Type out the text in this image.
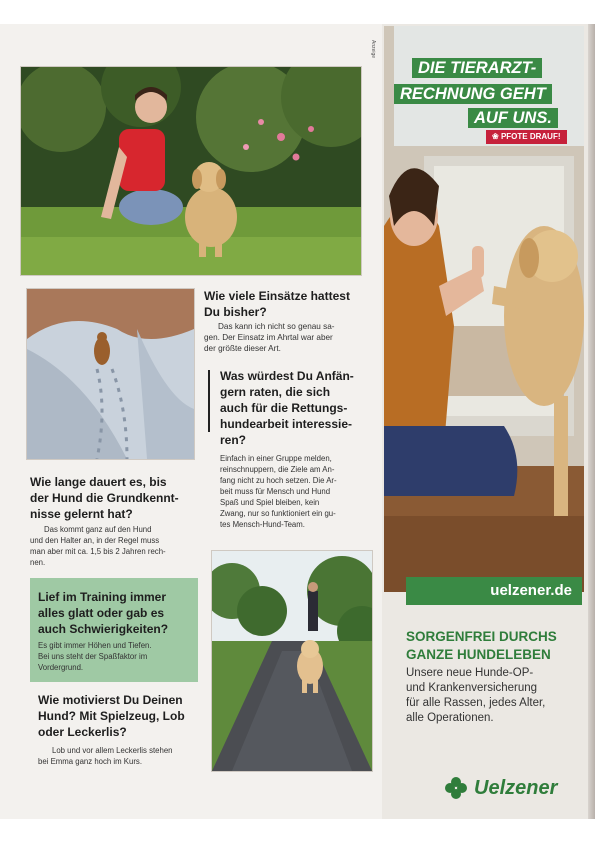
Anzeige
Wie viele Einsätze hattest
Du bisher?
Das kann ich nicht so genau sa-
gen. Der Einsatz im Ahrtal war aber
der größte dieser Art.
Was würdest Du Anfän-
gern raten, die sich
auch für die Rettungs-
hundearbeit interessie-
ren?
Einfach in einer Gruppe melden,
reinschnuppern, die Ziele am An-
fang nicht zu hoch setzen. Die Ar-
beit muss für Mensch und Hund
Spaß und Spiel bleiben, kein
Zwang, nur so funktioniert ein gu-
tes Mensch-Hund-Team.
Wie lange dauert es, bis
der Hund die Grundkennt-
nisse gelernt hat?
Das kommt ganz auf den Hund
und den Halter an, in der Regel muss
man aber mit ca. 1,5 bis 2 Jahren rech-
nen.
Lief im Training immer
alles glatt oder gab es
auch Schwierigkeiten?
Es gibt immer Höhen und Tiefen.
Bei uns steht der Spaßfaktor im
Vordergrund.
Wie motivierst Du Deinen
Hund? Mit Spielzeug, Lob
oder Leckerlis?
Lob und vor allem Leckerlis stehen
bei Emma ganz hoch im Kurs.
DIE TIERARZT-
RECHNUNG GEHT
AUF UNS.
❀ PFOTE DRAUF!
uelzener.de
SORGENFREI DURCHS
GANZE HUNDELEBEN
Unsere neue Hunde-OP-
und Krankenversicherung
für alle Rassen, jedes Alter,
alle Operationen.
Uelzener
